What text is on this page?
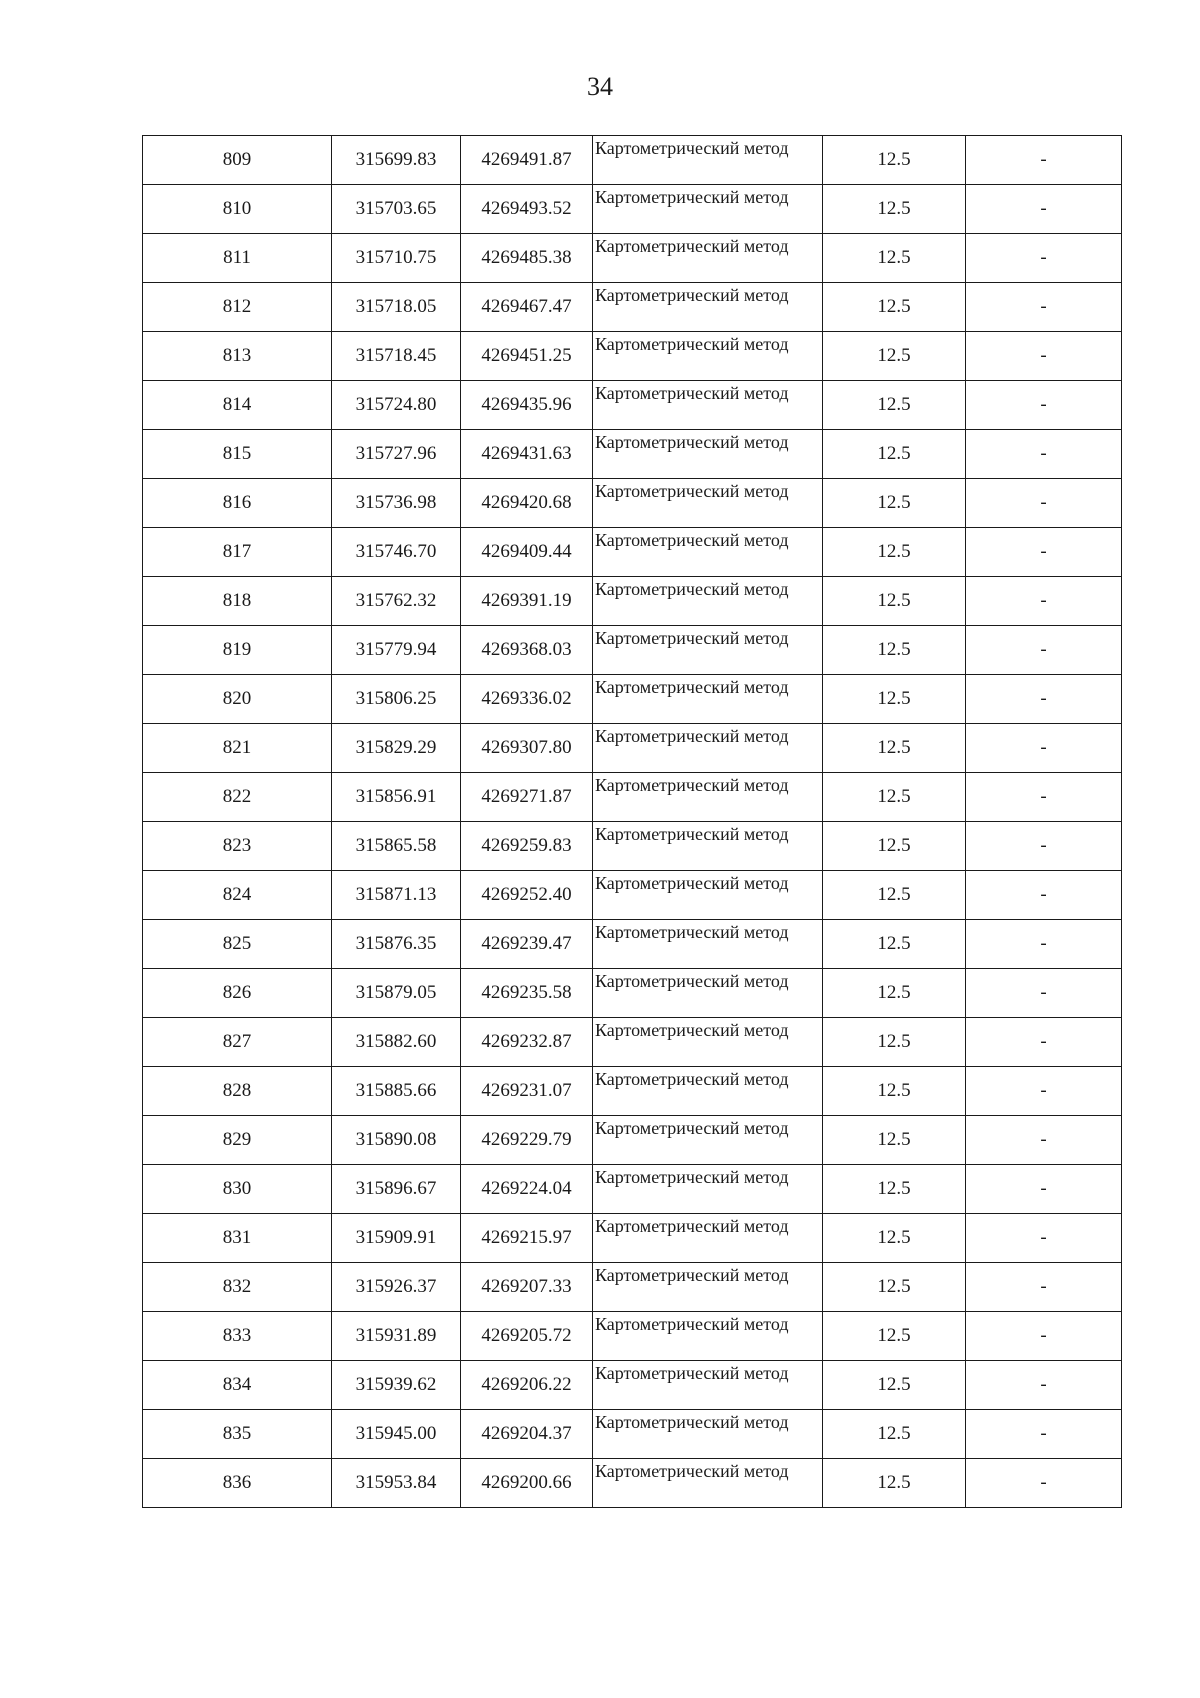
34
809	315699.83	4269491.87	Картометрический метод	12.5	-
810	315703.65	4269493.52	Картометрический метод	12.5	-
811	315710.75	4269485.38	Картометрический метод	12.5	-
812	315718.05	4269467.47	Картометрический метод	12.5	-
813	315718.45	4269451.25	Картометрический метод	12.5	-
814	315724.80	4269435.96	Картометрический метод	12.5	-
815	315727.96	4269431.63	Картометрический метод	12.5	-
816	315736.98	4269420.68	Картометрический метод	12.5	-
817	315746.70	4269409.44	Картометрический метод	12.5	-
818	315762.32	4269391.19	Картометрический метод	12.5	-
819	315779.94	4269368.03	Картометрический метод	12.5	-
820	315806.25	4269336.02	Картометрический метод	12.5	-
821	315829.29	4269307.80	Картометрический метод	12.5	-
822	315856.91	4269271.87	Картометрический метод	12.5	-
823	315865.58	4269259.83	Картометрический метод	12.5	-
824	315871.13	4269252.40	Картометрический метод	12.5	-
825	315876.35	4269239.47	Картометрический метод	12.5	-
826	315879.05	4269235.58	Картометрический метод	12.5	-
827	315882.60	4269232.87	Картометрический метод	12.5	-
828	315885.66	4269231.07	Картометрический метод	12.5	-
829	315890.08	4269229.79	Картометрический метод	12.5	-
830	315896.67	4269224.04	Картометрический метод	12.5	-
831	315909.91	4269215.97	Картометрический метод	12.5	-
832	315926.37	4269207.33	Картометрический метод	12.5	-
833	315931.89	4269205.72	Картометрический метод	12.5	-
834	315939.62	4269206.22	Картометрический метод	12.5	-
835	315945.00	4269204.37	Картометрический метод	12.5	-
836	315953.84	4269200.66	Картометрический метод	12.5	-
